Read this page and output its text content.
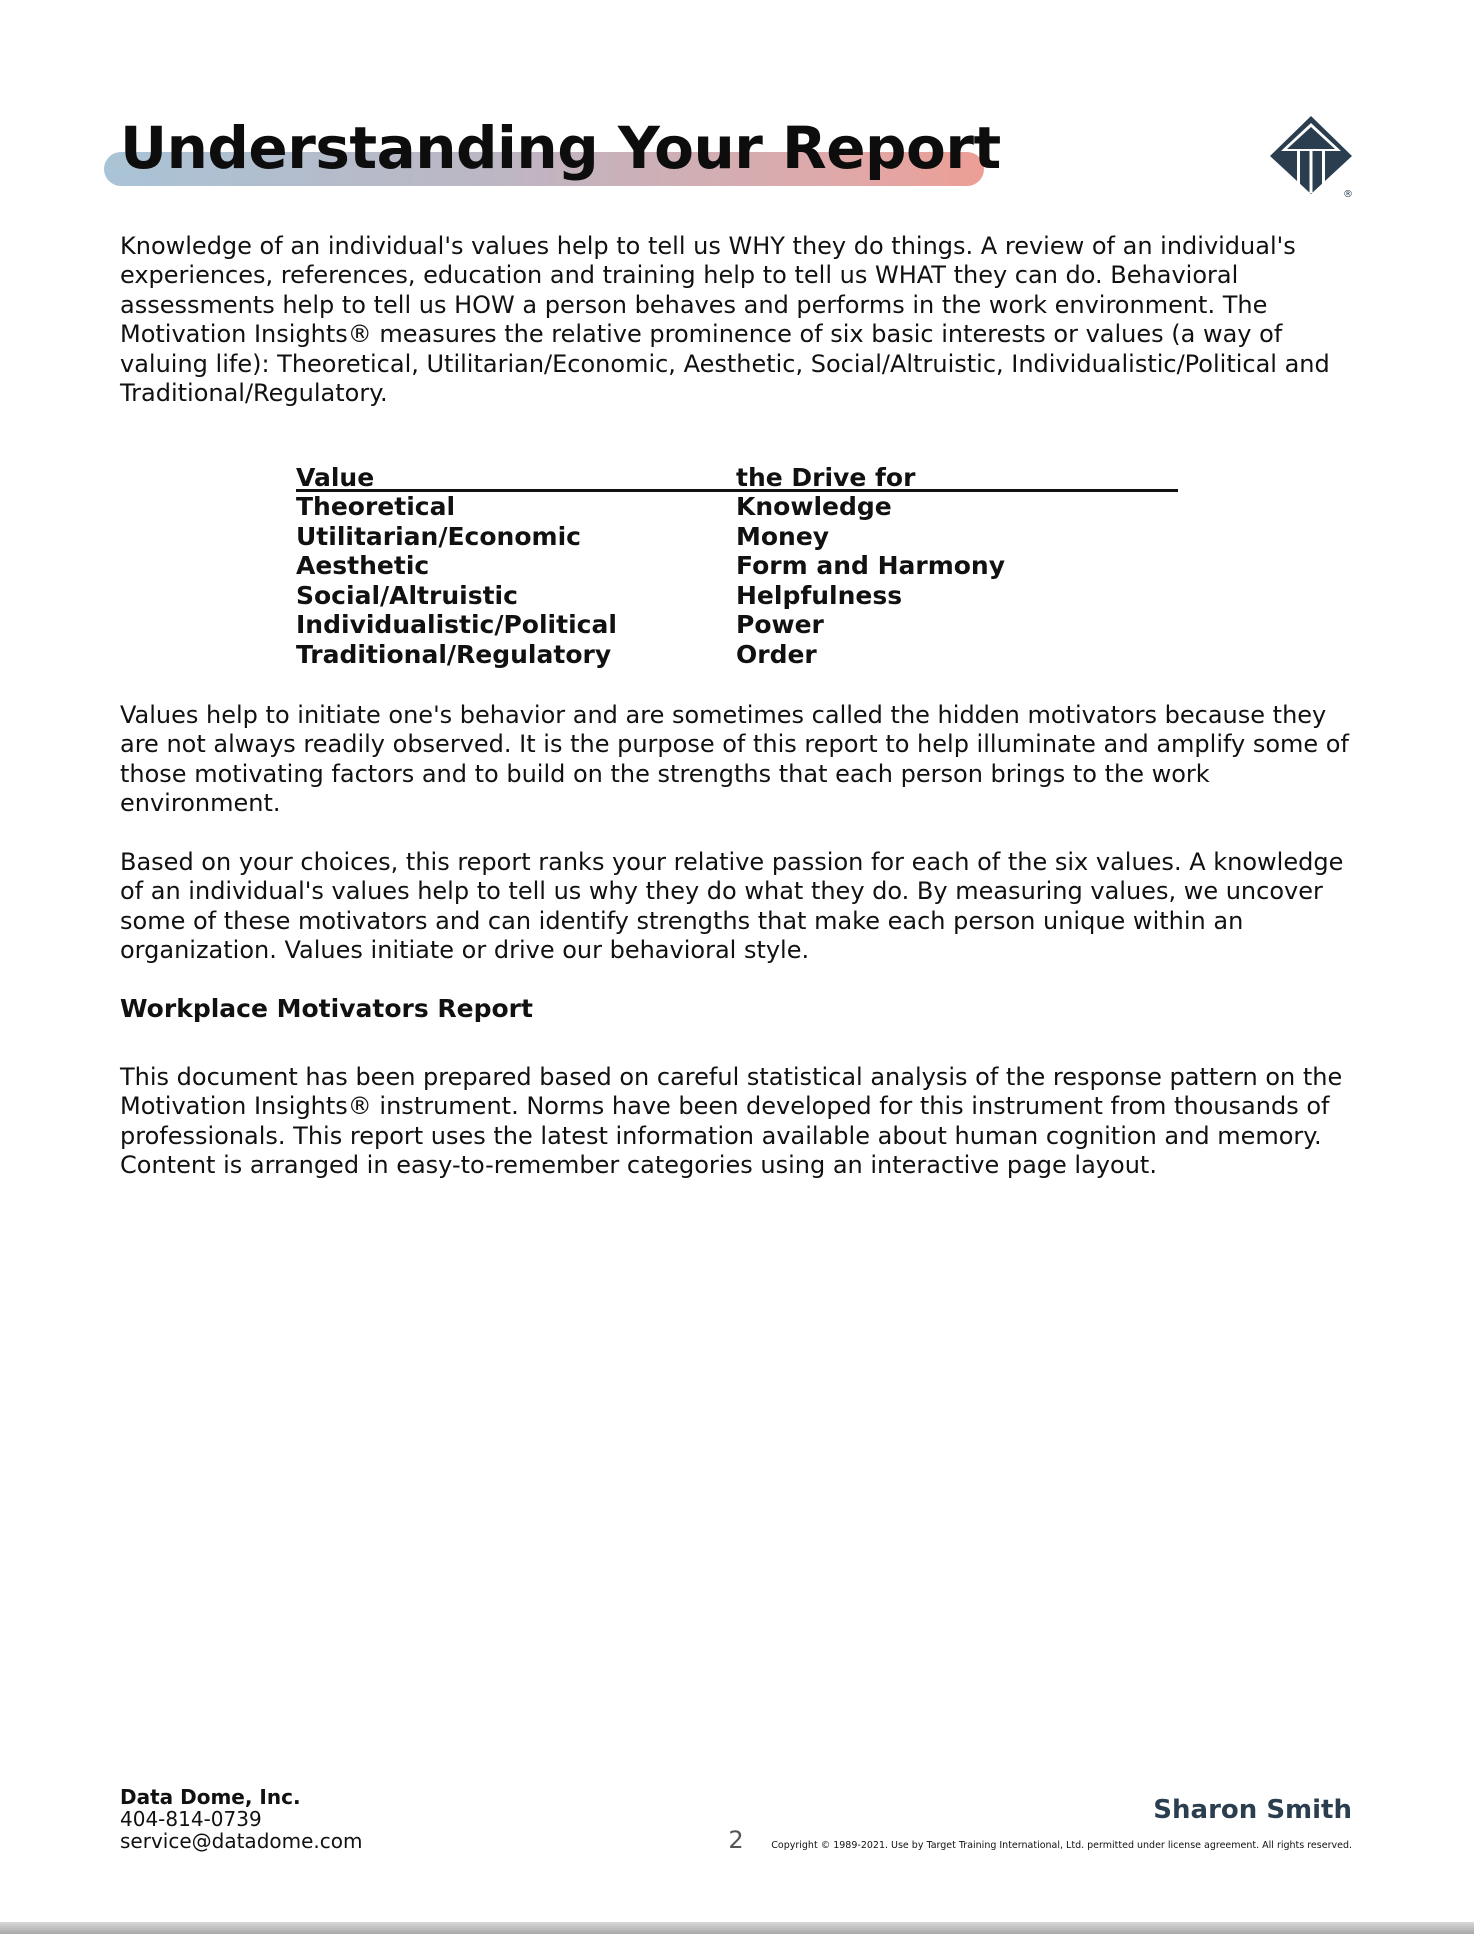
Understanding Your Report
®

Knowledge of an individual's values help to tell us WHY they do things. A review of an individual's experiences, references, education and training help to tell us WHAT they can do. Behavioral assessments help to tell us HOW a person behaves and performs in the work environment. The Motivation Insights® measures the relative prominence of six basic interests or values (a way of valuing life): Theoretical, Utilitarian/Economic, Aesthetic, Social/Altruistic, Individualistic/Political and Traditional/Regulatory.

Value	the Drive for
Theoretical	Knowledge
Utilitarian/Economic	Money
Aesthetic	Form and Harmony
Social/Altruistic	Helpfulness
Individualistic/Political	Power
Traditional/Regulatory	Order

Values help to initiate one's behavior and are sometimes called the hidden motivators because they are not always readily observed. It is the purpose of this report to help illuminate and amplify some of those motivating factors and to build on the strengths that each person brings to the work environment.

Based on your choices, this report ranks your relative passion for each of the six values. A knowledge of an individual's values help to tell us why they do what they do. By measuring values, we uncover some of these motivators and can identify strengths that make each person unique within an organization. Values initiate or drive our behavioral style.

Workplace Motivators Report

This document has been prepared based on careful statistical analysis of the response pattern on the Motivation Insights® instrument. Norms have been developed for this instrument from thousands of professionals. This report uses the latest information available about human cognition and memory. Content is arranged in easy-to-remember categories using an interactive page layout.

Data Dome, Inc.
404-814-0739
service@datadome.com	2
Sharon Smith
Copyright © 1989-2021. Use by Target Training International, Ltd. permitted under license agreement. All rights reserved.
